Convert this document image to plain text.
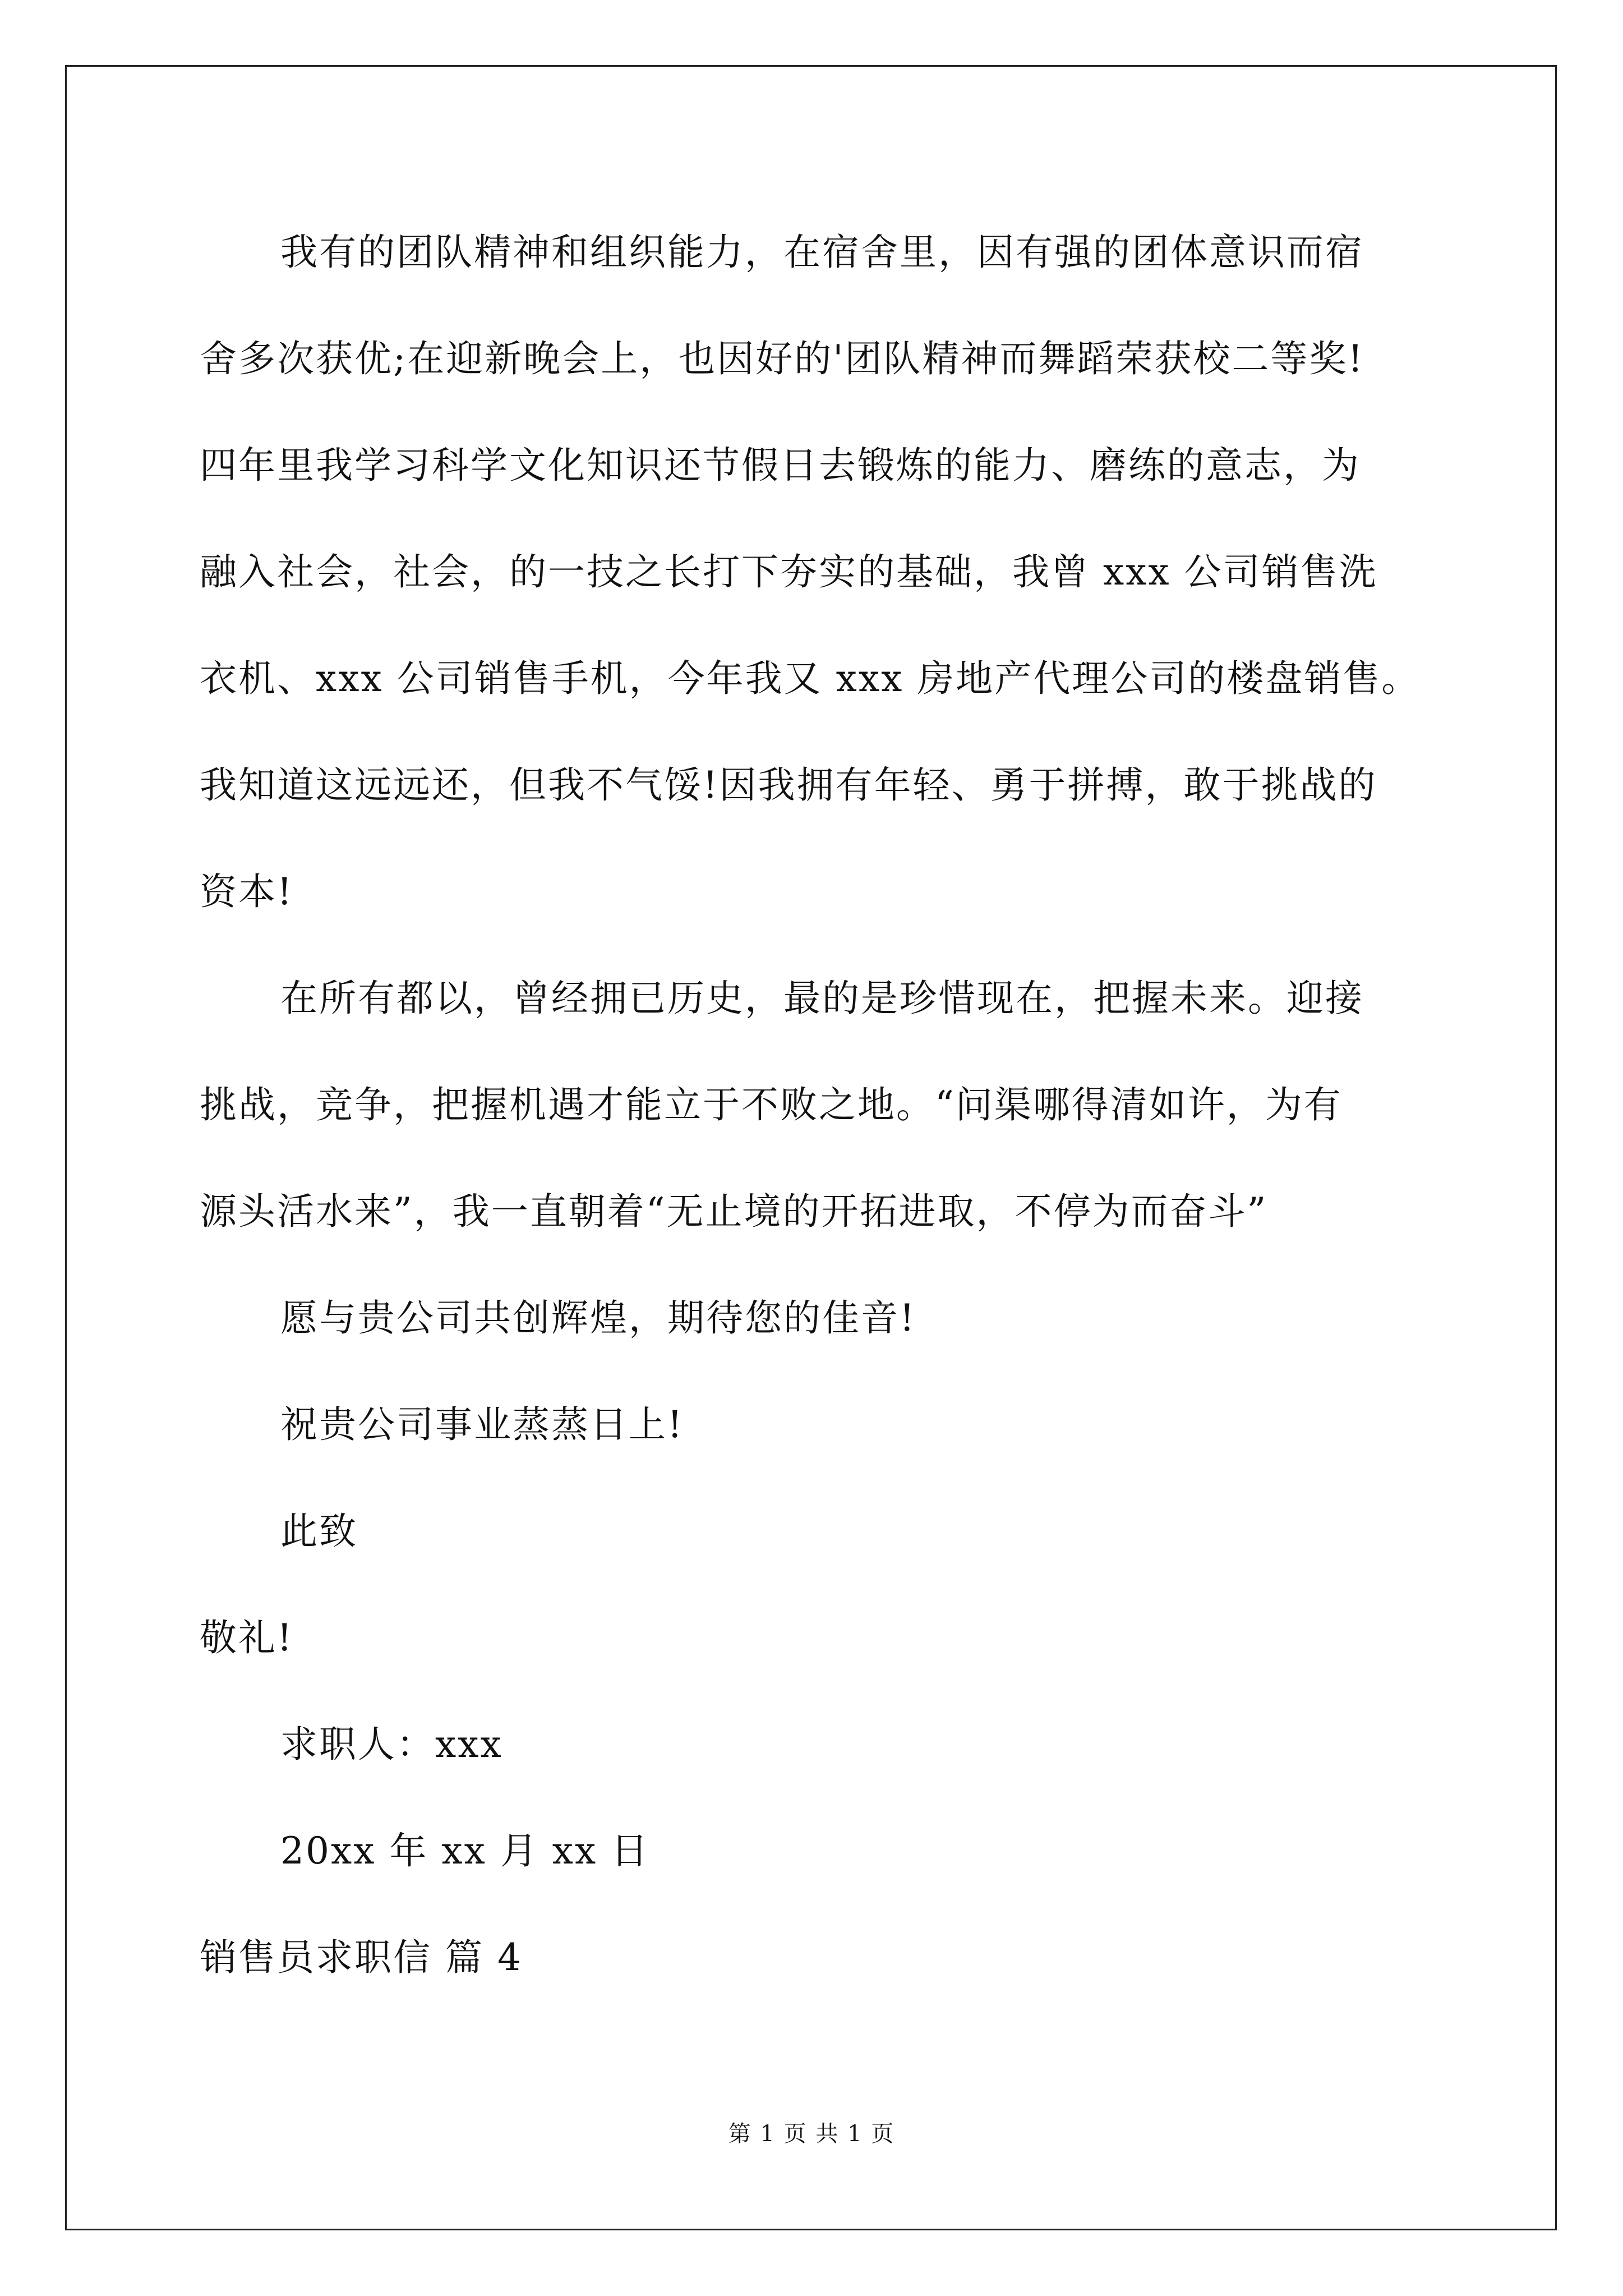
我有的团队精神和组织能力，在宿舍里，因有强的团体意识而宿
舍多次获优;在迎新晚会上，也因好的'团队精神而舞蹈荣获校二等奖!
四年里我学习科学文化知识还节假日去锻炼的能力、磨练的意志，为
融入社会，社会，的一技之长打下夯实的基础，我曾 xxx 公司销售洗
衣机、xxx 公司销售手机，今年我又 xxx 房地产代理公司的楼盘销售。
我知道这远远还，但我不气馁!因我拥有年轻、勇于拼搏，敢于挑战的
资本!
在所有都以，曾经拥已历史，最的是珍惜现在，把握未来。迎接
挑战，竞争，把握机遇才能立于不败之地。“问渠哪得清如许，为有
源头活水来”，我一直朝着“无止境的开拓进取，不停为而奋斗”
愿与贵公司共创辉煌，期待您的佳音!
祝贵公司事业蒸蒸日上!
此致
敬礼!
求职人：xxx
20xx 年 xx 月 xx 日
销售员求职信 篇 4
第 1 页 共 1 页
